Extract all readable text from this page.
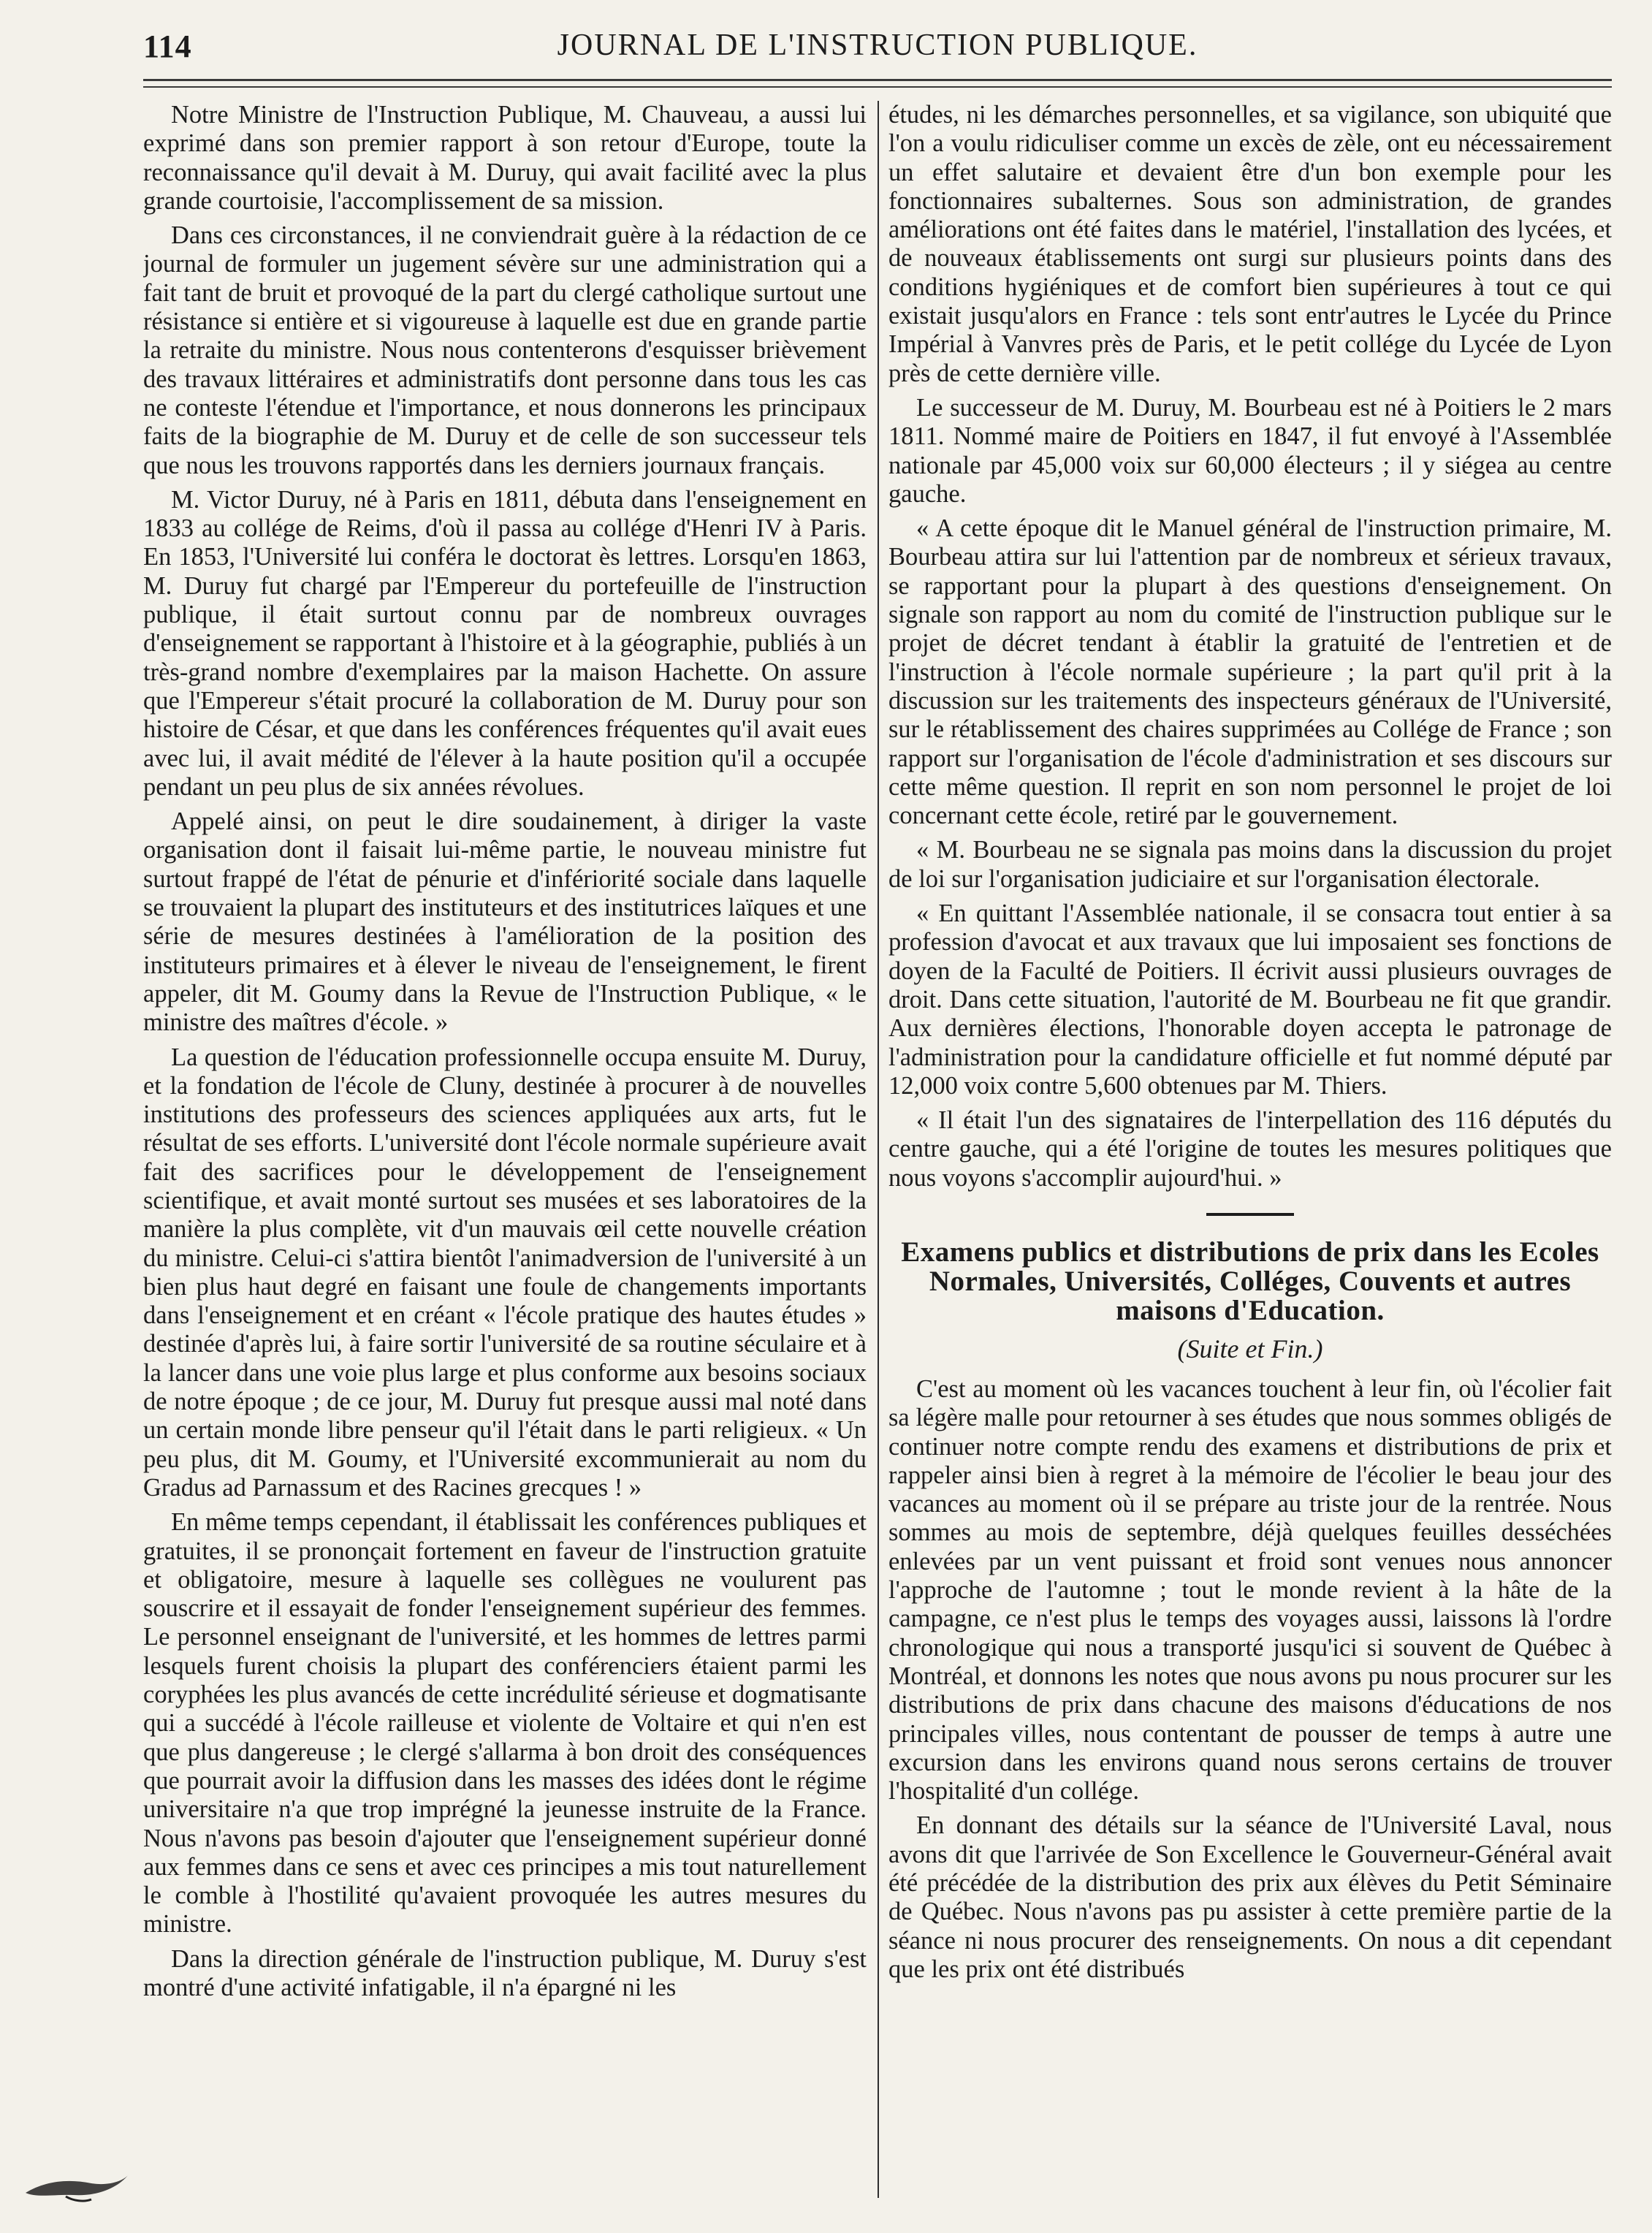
114	JOURNAL DE L'INSTRUCTION PUBLIQUE.

Notre Ministre de l'Instruction Publique, M. Chauveau, a aussi lui exprimé dans son premier rapport à son retour d'Europe, toute la reconnaissance qu'il devait à M. Duruy, qui avait facilité avec la plus grande courtoisie, l'accomplissement de sa mission.

Dans ces circonstances, il ne conviendrait guère à la rédaction de ce journal de formuler un jugement sévère sur une administration qui a fait tant de bruit et provoqué de la part du clergé catholique surtout une résistance si entière et si vigoureuse à laquelle est due en grande partie la retraite du ministre. Nous nous contenterons d'esquisser brièvement des travaux littéraires et administratifs dont personne dans tous les cas ne conteste l'étendue et l'importance, et nous donnerons les principaux faits de la biographie de M. Duruy et de celle de son successeur tels que nous les trouvons rapportés dans les derniers journaux français.

M. Victor Duruy, né à Paris en 1811, débuta dans l'enseignement en 1833 au collége de Reims, d'où il passa au collége d'Henri IV à Paris. En 1853, l'Université lui conféra le doctorat ès lettres. Lorsqu'en 1863, M. Duruy fut chargé par l'Empereur du portefeuille de l'instruction publique, il était surtout connu par de nombreux ouvrages d'enseignement se rapportant à l'histoire et à la géographie, publiés à un très-grand nombre d'exemplaires par la maison Hachette. On assure que l'Empereur s'était procuré la collaboration de M. Duruy pour son histoire de César, et que dans les conférences fréquentes qu'il avait eues avec lui, il avait médité de l'élever à la haute position qu'il a occupée pendant un peu plus de six années révolues.

Appelé ainsi, on peut le dire soudainement, à diriger la vaste organisation dont il faisait lui-même partie, le nouveau ministre fut surtout frappé de l'état de pénurie et d'infériorité sociale dans laquelle se trouvaient la plupart des instituteurs et des institutrices laïques et une série de mesures destinées à l'amélioration de la position des instituteurs primaires et à élever le niveau de l'enseignement, le firent appeler, dit M. Goumy dans la Revue de l'Instruction Publique, « le ministre des maîtres d'école. »

La question de l'éducation professionnelle occupa ensuite M. Duruy, et la fondation de l'école de Cluny, destinée à procurer à de nouvelles institutions des professeurs des sciences appliquées aux arts, fut le résultat de ses efforts. L'université dont l'école normale supérieure avait fait des sacrifices pour le développement de l'enseignement scientifique, et avait monté surtout ses musées et ses laboratoires de la manière la plus complète, vit d'un mauvais œil cette nouvelle création du ministre. Celui-ci s'attira bientôt l'animadversion de l'université à un bien plus haut degré en faisant une foule de changements importants dans l'enseignement et en créant « l'école pratique des hautes études » destinée d'après lui, à faire sortir l'université de sa routine séculaire et à la lancer dans une voie plus large et plus conforme aux besoins sociaux de notre époque ; de ce jour, M. Duruy fut presque aussi mal noté dans un certain monde libre penseur qu'il l'était dans le parti religieux. « Un peu plus, dit M. Goumy, et l'Université excommunierait au nom du Gradus ad Parnassum et des Racines grecques ! »

En même temps cependant, il établissait les conférences publiques et gratuites, il se prononçait fortement en faveur de l'instruction gratuite et obligatoire, mesure à laquelle ses collègues ne voulurent pas souscrire et il essayait de fonder l'enseignement supérieur des femmes. Le personnel enseignant de l'université, et les hommes de lettres parmi lesquels furent choisis la plupart des conférenciers étaient parmi les coryphées les plus avancés de cette incrédulité sérieuse et dogmatisante qui a succédé à l'école railleuse et violente de Voltaire et qui n'en est que plus dangereuse ; le clergé s'allarma à bon droit des conséquences que pourrait avoir la diffusion dans les masses des idées dont le régime universitaire n'a que trop imprégné la jeunesse instruite de la France. Nous n'avons pas besoin d'ajouter que l'enseignement supérieur donné aux femmes dans ce sens et avec ces principes a mis tout naturellement le comble à l'hostilité qu'avaient provoquée les autres mesures du ministre.

Dans la direction générale de l'instruction publique, M. Duruy s'est montré d'une activité infatigable, il n'a épargné ni les

études, ni les démarches personnelles, et sa vigilance, son ubiquité que l'on a voulu ridiculiser comme un excès de zèle, ont eu nécessairement un effet salutaire et devaient être d'un bon exemple pour les fonctionnaires subalternes. Sous son administration, de grandes améliorations ont été faites dans le matériel, l'installation des lycées, et de nouveaux établissements ont surgi sur plusieurs points dans des conditions hygiéniques et de comfort bien supérieures à tout ce qui existait jusqu'alors en France : tels sont entr'autres le Lycée du Prince Impérial à Vanvres près de Paris, et le petit collége du Lycée de Lyon près de cette dernière ville.

Le successeur de M. Duruy, M. Bourbeau est né à Poitiers le 2 mars 1811. Nommé maire de Poitiers en 1847, il fut envoyé à l'Assemblée nationale par 45,000 voix sur 60,000 électeurs ; il y siégea au centre gauche.

« A cette époque dit le Manuel général de l'instruction primaire, M. Bourbeau attira sur lui l'attention par de nombreux et sérieux travaux, se rapportant pour la plupart à des questions d'enseignement. On signale son rapport au nom du comité de l'instruction publique sur le projet de décret tendant à établir la gratuité de l'entretien et de l'instruction à l'école normale supérieure ; la part qu'il prit à la discussion sur les traitements des inspecteurs généraux de l'Université, sur le rétablissement des chaires supprimées au Collége de France ; son rapport sur l'organisation de l'école d'administration et ses discours sur cette même question. Il reprit en son nom personnel le projet de loi concernant cette école, retiré par le gouvernement.

« M. Bourbeau ne se signala pas moins dans la discussion du projet de loi sur l'organisation judiciaire et sur l'organisation électorale.

« En quittant l'Assemblée nationale, il se consacra tout entier à sa profession d'avocat et aux travaux que lui imposaient ses fonctions de doyen de la Faculté de Poitiers. Il écrivit aussi plusieurs ouvrages de droit. Dans cette situation, l'autorité de M. Bourbeau ne fit que grandir. Aux dernières élections, l'honorable doyen accepta le patronage de l'administration pour la candidature officielle et fut nommé député par 12,000 voix contre 5,600 obtenues par M. Thiers.

« Il était l'un des signataires de l'interpellation des 116 députés du centre gauche, qui a été l'origine de toutes les mesures politiques que nous voyons s'accomplir aujourd'hui. »

Examens publics et distributions de prix dans les Ecoles Normales, Universités, Colléges, Couvents et autres maisons d'Education.
(Suite et Fin.)

C'est au moment où les vacances touchent à leur fin, où l'écolier fait sa légère malle pour retourner à ses études que nous sommes obligés de continuer notre compte rendu des examens et distributions de prix et rappeler ainsi bien à regret à la mémoire de l'écolier le beau jour des vacances au moment où il se prépare au triste jour de la rentrée. Nous sommes au mois de septembre, déjà quelques feuilles desséchées enlevées par un vent puissant et froid sont venues nous annoncer l'approche de l'automne ; tout le monde revient à la hâte de la campagne, ce n'est plus le temps des voyages aussi, laissons là l'ordre chronologique qui nous a transporté jusqu'ici si souvent de Québec à Montréal, et donnons les notes que nous avons pu nous procurer sur les distributions de prix dans chacune des maisons d'éducations de nos principales villes, nous contentant de pousser de temps à autre une excursion dans les environs quand nous serons certains de trouver l'hospitalité d'un collége.

En donnant des détails sur la séance de l'Université Laval, nous avons dit que l'arrivée de Son Excellence le Gouverneur-Général avait été précédée de la distribution des prix aux élèves du Petit Séminaire de Québec. Nous n'avons pas pu assister à cette première partie de la séance ni nous procurer des renseignements. On nous a dit cependant que les prix ont été distribués
